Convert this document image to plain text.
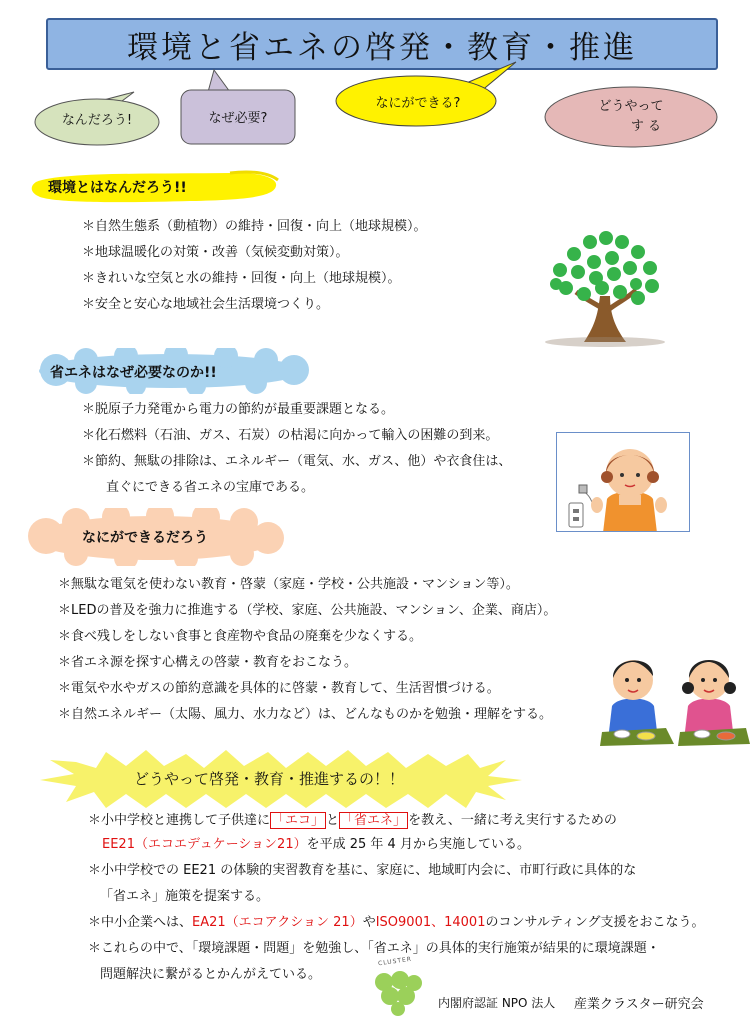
環境と省エネの啓発・教育・推進
なんだろう!	なぜ必要?
なにができる?	どうやって
す る
環境とはなんだろう!!
＊自然生態系（動植物）の維持・回復・向上（地球規模）。
＊地球温暖化の対策・改善（気候変動対策）。
＊きれいな空気と水の維持・回復・向上（地球規模）。
＊安全と安心な地域社会生活環境つくり。
省エネはなぜ必要なのか!!
＊脱原子力発電から電力の節約が最重要課題となる。
＊化石燃料（石油、ガス、石炭）の枯渇に向かって輸入の困難の到来。
＊節約、無駄の排除は、エネルギー（電気、水、ガス、他）や衣食住は、
直ぐにできる省エネの宝庫である。
なにができるだろう
＊無駄な電気を使わない教育・啓蒙（家庭・学校・公共施設・マンション等）。
＊LEDの普及を強力に推進する（学校、家庭、公共施設、マンション、企業、商店）。
＊食べ残しをしない食事と食産物や食品の廃棄を少なくする。
＊省エネ源を探す心構えの啓蒙・教育をおこなう。
＊電気や水やガスの節約意識を具体的に啓蒙・教育して、生活習慣づける。
＊自然エネルギー（太陽、風力、水力など）は、どんなものかを勉強・理解をする。
どうやって啓発・教育・推進するの！！
＊小中学校と連携して子供達に 「エコ」 と 「省エネ」 を教え、一緒に考え実行するための
EE21（エコエデュケーション21）を平成 25 年 4 月から実施している。
＊小中学校での EE21 の体験的実習教育を基に、家庭に、地域町内会に、市町行政に具体的な
「省エネ」施策を提案する。
＊中小企業へは、EA21（エコアクション 21）やISO9001、14001のコンサルティング支援をおこなう。
＊これらの中で、「環境課題・問題」を勉強し、「省エネ」の具体的実行施策が結果的に環境課題・
問題解決に繋がるとかんがえている。
CLUSTER
内閣府認証 NPO 法人 産業クラスター研究会
